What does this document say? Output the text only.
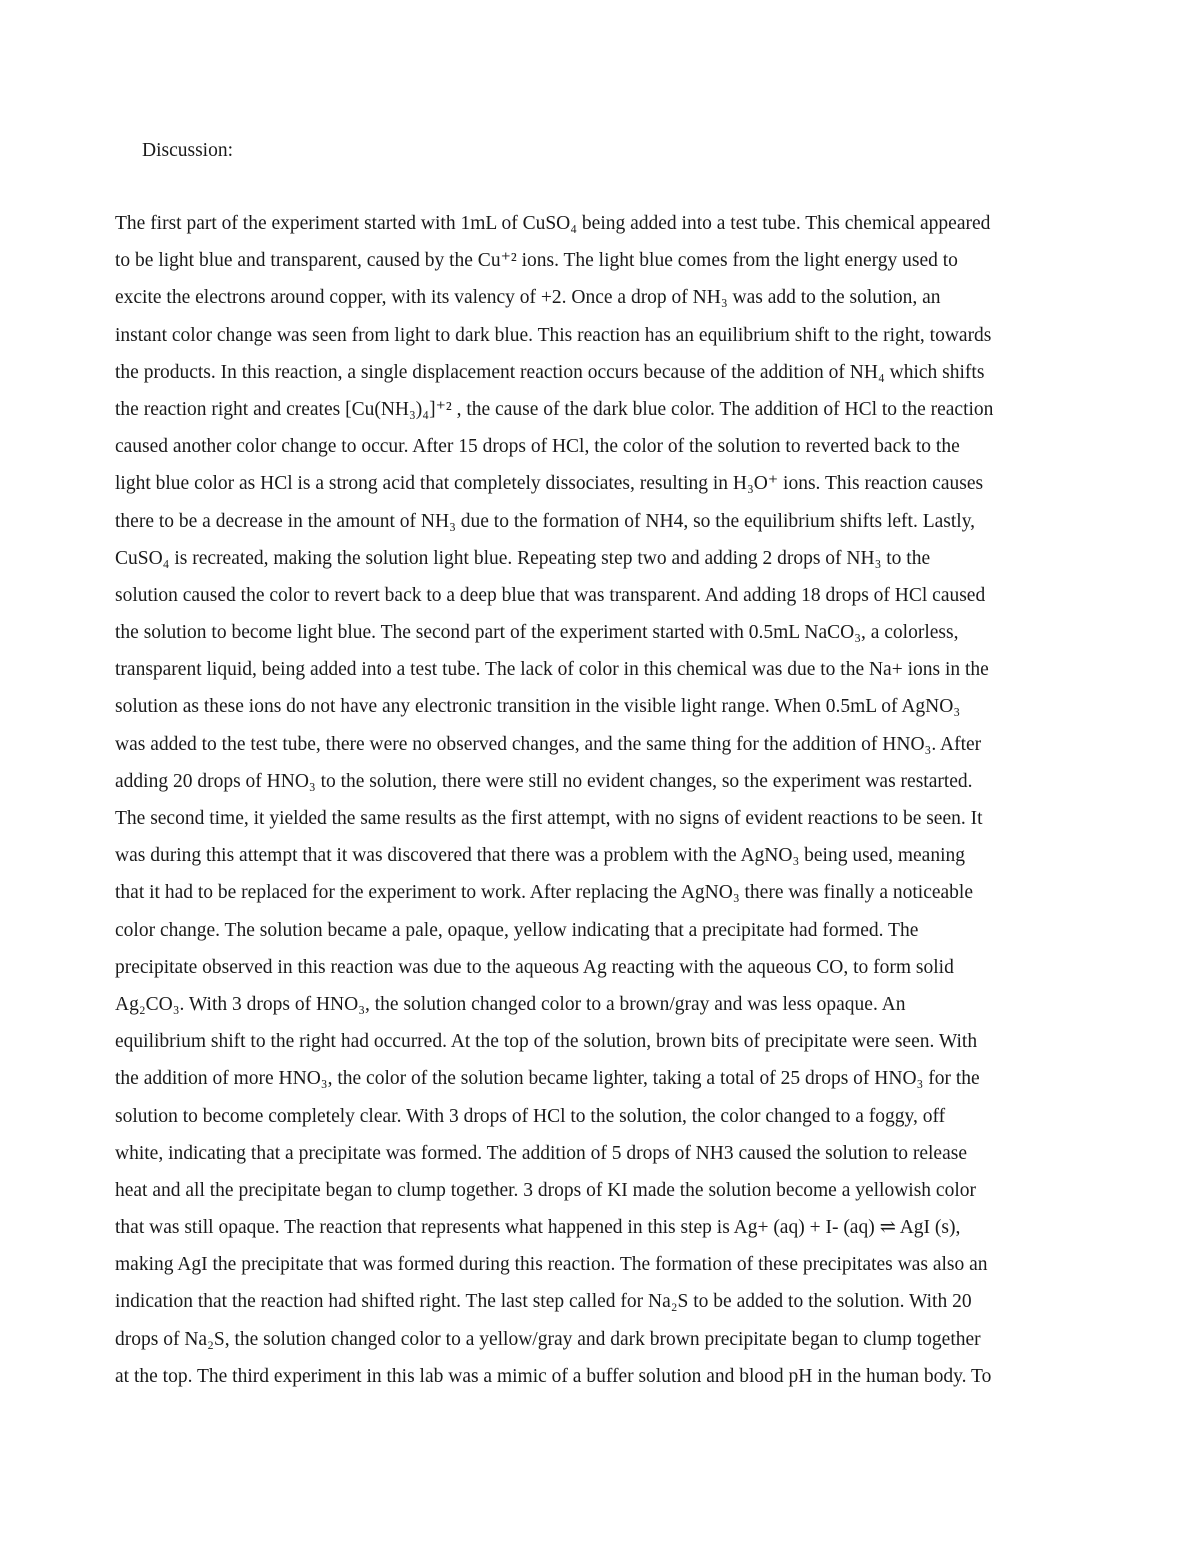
Discussion:
The first part of the experiment started with 1mL of CuSO₄ being added into a test tube. This chemical appeared
to be light blue and transparent, caused by the Cu⁺² ions. The light blue comes from the light energy used to
excite the electrons around copper, with its valency of +2. Once a drop of NH₃ was add to the solution, an
instant color change was seen from light to dark blue. This reaction has an equilibrium shift to the right, towards
the products. In this reaction, a single displacement reaction occurs because of the addition of NH₄ which shifts
the reaction right and creates [Cu(NH₃)₄]⁺² , the cause of the dark blue color. The addition of HCl to the reaction
caused another color change to occur. After 15 drops of HCl, the color of the solution to reverted back to the
light blue color as HCl is a strong acid that completely dissociates, resulting in H₃O⁺ ions. This reaction causes
there to be a decrease in the amount of NH₃ due to the formation of NH4, so the equilibrium shifts left. Lastly,
CuSO₄ is recreated, making the solution light blue. Repeating step two and adding 2 drops of NH₃ to the
solution caused the color to revert back to a deep blue that was transparent. And adding 18 drops of HCl caused
the solution to become light blue. The second part of the experiment started with 0.5mL NaCO₃, a colorless,
transparent liquid, being added into a test tube. The lack of color in this chemical was due to the Na+ ions in the
solution as these ions do not have any electronic transition in the visible light range. When 0.5mL of AgNO₃
was added to the test tube, there were no observed changes, and the same thing for the addition of HNO₃. After
adding 20 drops of HNO₃ to the solution, there were still no evident changes, so the experiment was restarted.
The second time, it yielded the same results as the first attempt, with no signs of evident reactions to be seen. It
was during this attempt that it was discovered that there was a problem with the AgNO₃ being used, meaning
that it had to be replaced for the experiment to work. After replacing the AgNO₃ there was finally a noticeable
color change. The solution became a pale, opaque, yellow indicating that a precipitate had formed. The
precipitate observed in this reaction was due to the aqueous Ag reacting with the aqueous CO, to form solid
Ag₂CO₃. With 3 drops of HNO₃, the solution changed color to a brown/gray and was less opaque. An
equilibrium shift to the right had occurred. At the top of the solution, brown bits of precipitate were seen. With
the addition of more HNO₃, the color of the solution became lighter, taking a total of 25 drops of HNO₃ for the
solution to become completely clear. With 3 drops of HCl to the solution, the color changed to a foggy, off
white, indicating that a precipitate was formed. The addition of 5 drops of NH3 caused the solution to release
heat and all the precipitate began to clump together. 3 drops of KI made the solution become a yellowish color
that was still opaque. The reaction that represents what happened in this step is Ag+ (aq) + I- (aq) ⇌ AgI (s),
making AgI the precipitate that was formed during this reaction. The formation of these precipitates was also an
indication that the reaction had shifted right. The last step called for Na₂S to be added to the solution. With 20
drops of Na₂S, the solution changed color to a yellow/gray and dark brown precipitate began to clump together
at the top. The third experiment in this lab was a mimic of a buffer solution and blood pH in the human body. To
